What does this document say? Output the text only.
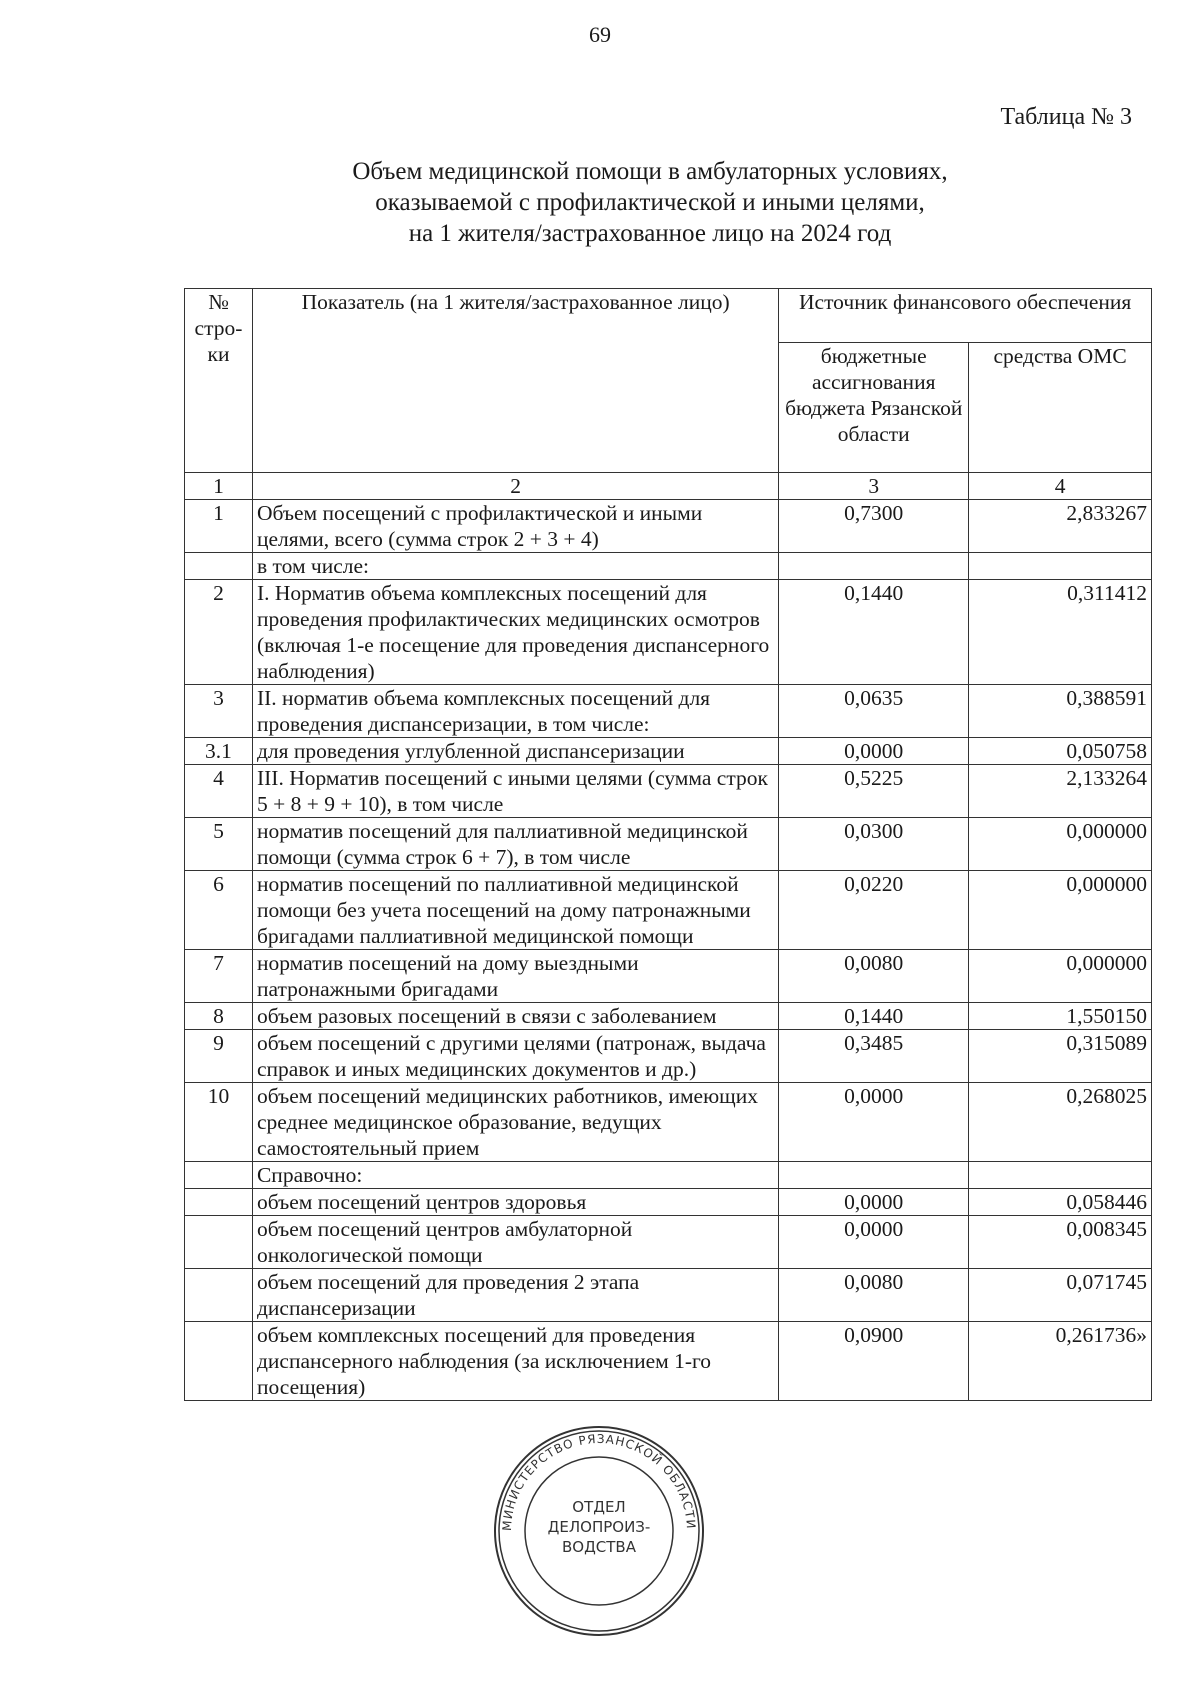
69
Таблица № 3
Объем медицинской помощи в амбулаторных условиях,
оказываемой с профилактической и иными целями,
на 1 жителя/застрахованное лицо на 2024 год
№ стро-ки	Показатель (на 1 жителя/застрахованное лицо)	Источник финансового обеспечения	
		бюджетные ассигнования бюджета Рязанской области	средства ОМС
1	2	3	4
1	Объем посещений с профилактической и иными целями, всего (сумма строк 2 + 3 + 4)	0,7300	2,833267
	в том числе:		
2	I. Норматив объема комплексных посещений для проведения профилактических медицинских осмотров (включая 1-е посещение для проведения диспансерного наблюдения)	0,1440	0,311412
3	II. норматив объема комплексных посещений для проведения диспансеризации, в том числе:	0,0635	0,388591
3.1	для проведения углубленной диспансеризации	0,0000	0,050758
4	III. Норматив посещений с иными целями (сумма строк 5 + 8 + 9 + 10), в том числе	0,5225	2,133264
5	норматив посещений для паллиативной медицинской помощи (сумма строк 6 + 7), в том числе	0,0300	0,000000
6	норматив посещений по паллиативной медицинской помощи без учета посещений на дому патронажными бригадами паллиативной медицинской помощи	0,0220	0,000000
7	норматив посещений на дому выездными патронажными бригадами	0,0080	0,000000
8	объем разовых посещений в связи с заболеванием	0,1440	1,550150
9	объем посещений с другими целями (патронаж, выдача справок и иных медицинских документов и др.)	0,3485	0,315089
10	объем посещений медицинских работников, имеющих среднее медицинское образование, ведущих самостоятельный прием	0,0000	0,268025
	Справочно:		
	объем посещений центров здоровья	0,0000	0,058446
	объем посещений центров амбулаторной онкологической помощи	0,0000	0,008345
	объем посещений для проведения 2 этапа диспансеризации	0,0080	0,071745
	объем комплексных посещений для проведения диспансерного наблюдения (за исключением 1-го посещения)	0,0900	0,261736»
МИНИСТЕРСТВО РЯЗАНСКОЙ ОБЛАСТИ
ОТДЕЛ
ДЕЛОПРОИЗ-
ВОДСТВА
